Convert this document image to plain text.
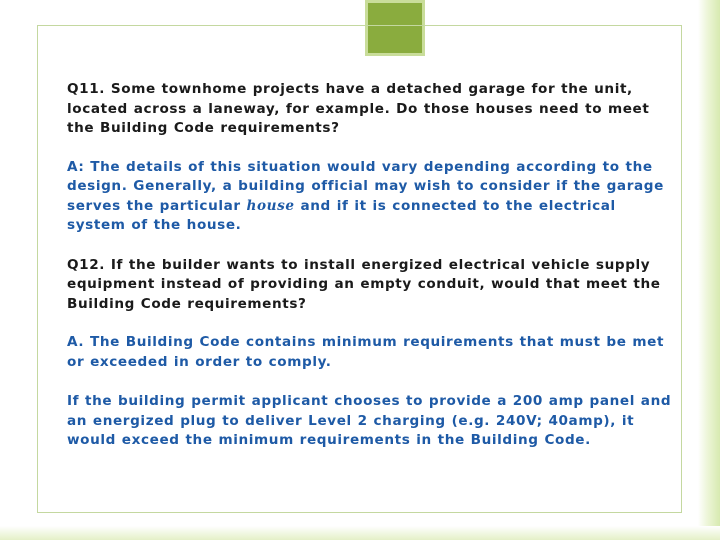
Q11. Some townhome projects have a detached garage for the unit, located across a laneway, for example. Do those houses need to meet the Building Code requirements?

A: The details of this situation would vary depending according to the design. Generally, a building official may wish to consider if the garage serves the particular house and if it is connected to the electrical system of the house.

Q12. If the builder wants to install energized electrical vehicle supply equipment instead of providing an empty conduit, would that meet the Building Code requirements?

A. The Building Code contains minimum requirements that must be met or exceeded in order to comply.

If the building permit applicant chooses to provide a 200 amp panel and an energized plug to deliver Level 2 charging (e.g. 240V; 40amp), it would exceed the minimum requirements in the Building Code.
